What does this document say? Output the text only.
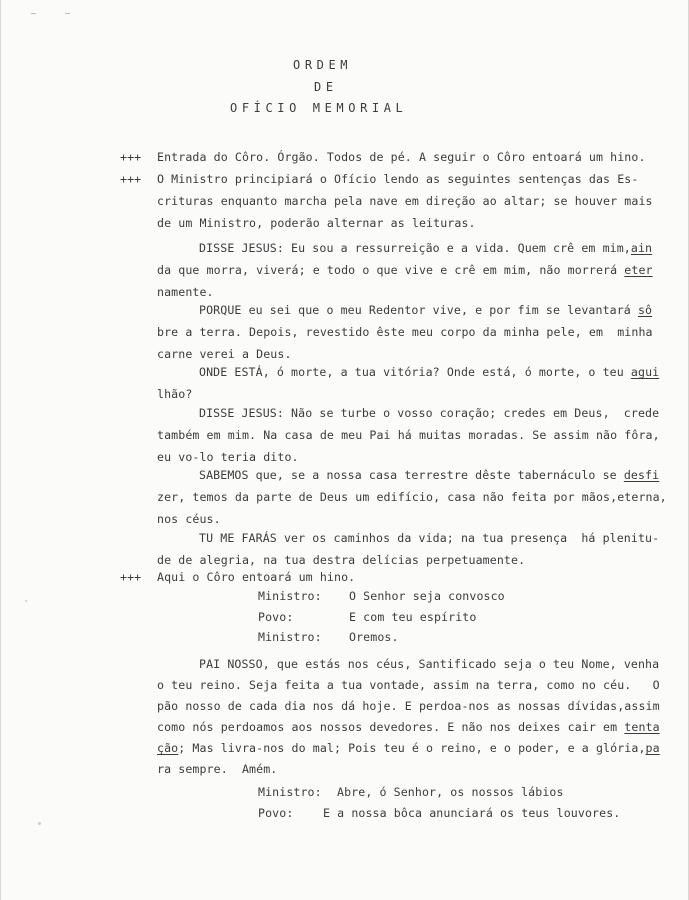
ORDEM
DE
OFÍCIO MEMORIAL
+++ Entrada do Côro. Órgão. Todos de pé. A seguir o Côro entoará um hino.
+++ O Ministro principiará o Ofício lendo as seguintes sentenças das Es-
crituras enquanto marcha pela nave em direção ao altar; se houver mais
de um Ministro, poderão alternar as leituras.
DISSE JESUS: Eu sou a ressurreição e a vida. Quem crê em mim,ain
da que morra, viverá; e todo o que vive e crê em mim, não morrerá eter
namente.
PORQUE eu sei que o meu Redentor vive, e por fim se levantará sô
bre a terra. Depois, revestido êste meu corpo da minha pele, em  minha
carne verei a Deus.
ONDE ESTÁ, ó morte, a tua vitória? Onde está, ó morte, o teu agui
lhão?
DISSE JESUS: Não se turbe o vosso coração; credes em Deus,  crede
também em mim. Na casa de meu Pai há muitas moradas. Se assim não fôra,
eu vo-lo teria dito.
SABEMOS que, se a nossa casa terrestre dêste tabernáculo se desfi
zer, temos da parte de Deus um edifício, casa não feita por mãos,eterna,
nos céus.
TU ME FARÁS ver os caminhos da vida; na tua presença  há plenitu-
de de alegria, na tua destra delícias perpetuamente.
+++ Aqui o Côro entoará um hino.
Ministro: O Senhor seja convosco
Povo:	E com teu espírito
Ministro: Oremos.
PAI NOSSO, que estás nos céus, Santificado seja o teu Nome, venha
o teu reino. Seja feita a tua vontade, assim na terra, como no céu.   O
pão nosso de cada dia nos dá hoje. E perdoa-nos as nossas dívidas,assim
como nós perdoamos aos nossos devedores. E não nos deixes cair em tenta
ção; Mas livra-nos do mal; Pois teu é o reino, e o poder, e a glória,pa
ra sempre.  Amém.
Ministro: Abre, ó Senhor, os nossos lábios
Povo:	E a nossa bôca anunciará os teus louvores.
